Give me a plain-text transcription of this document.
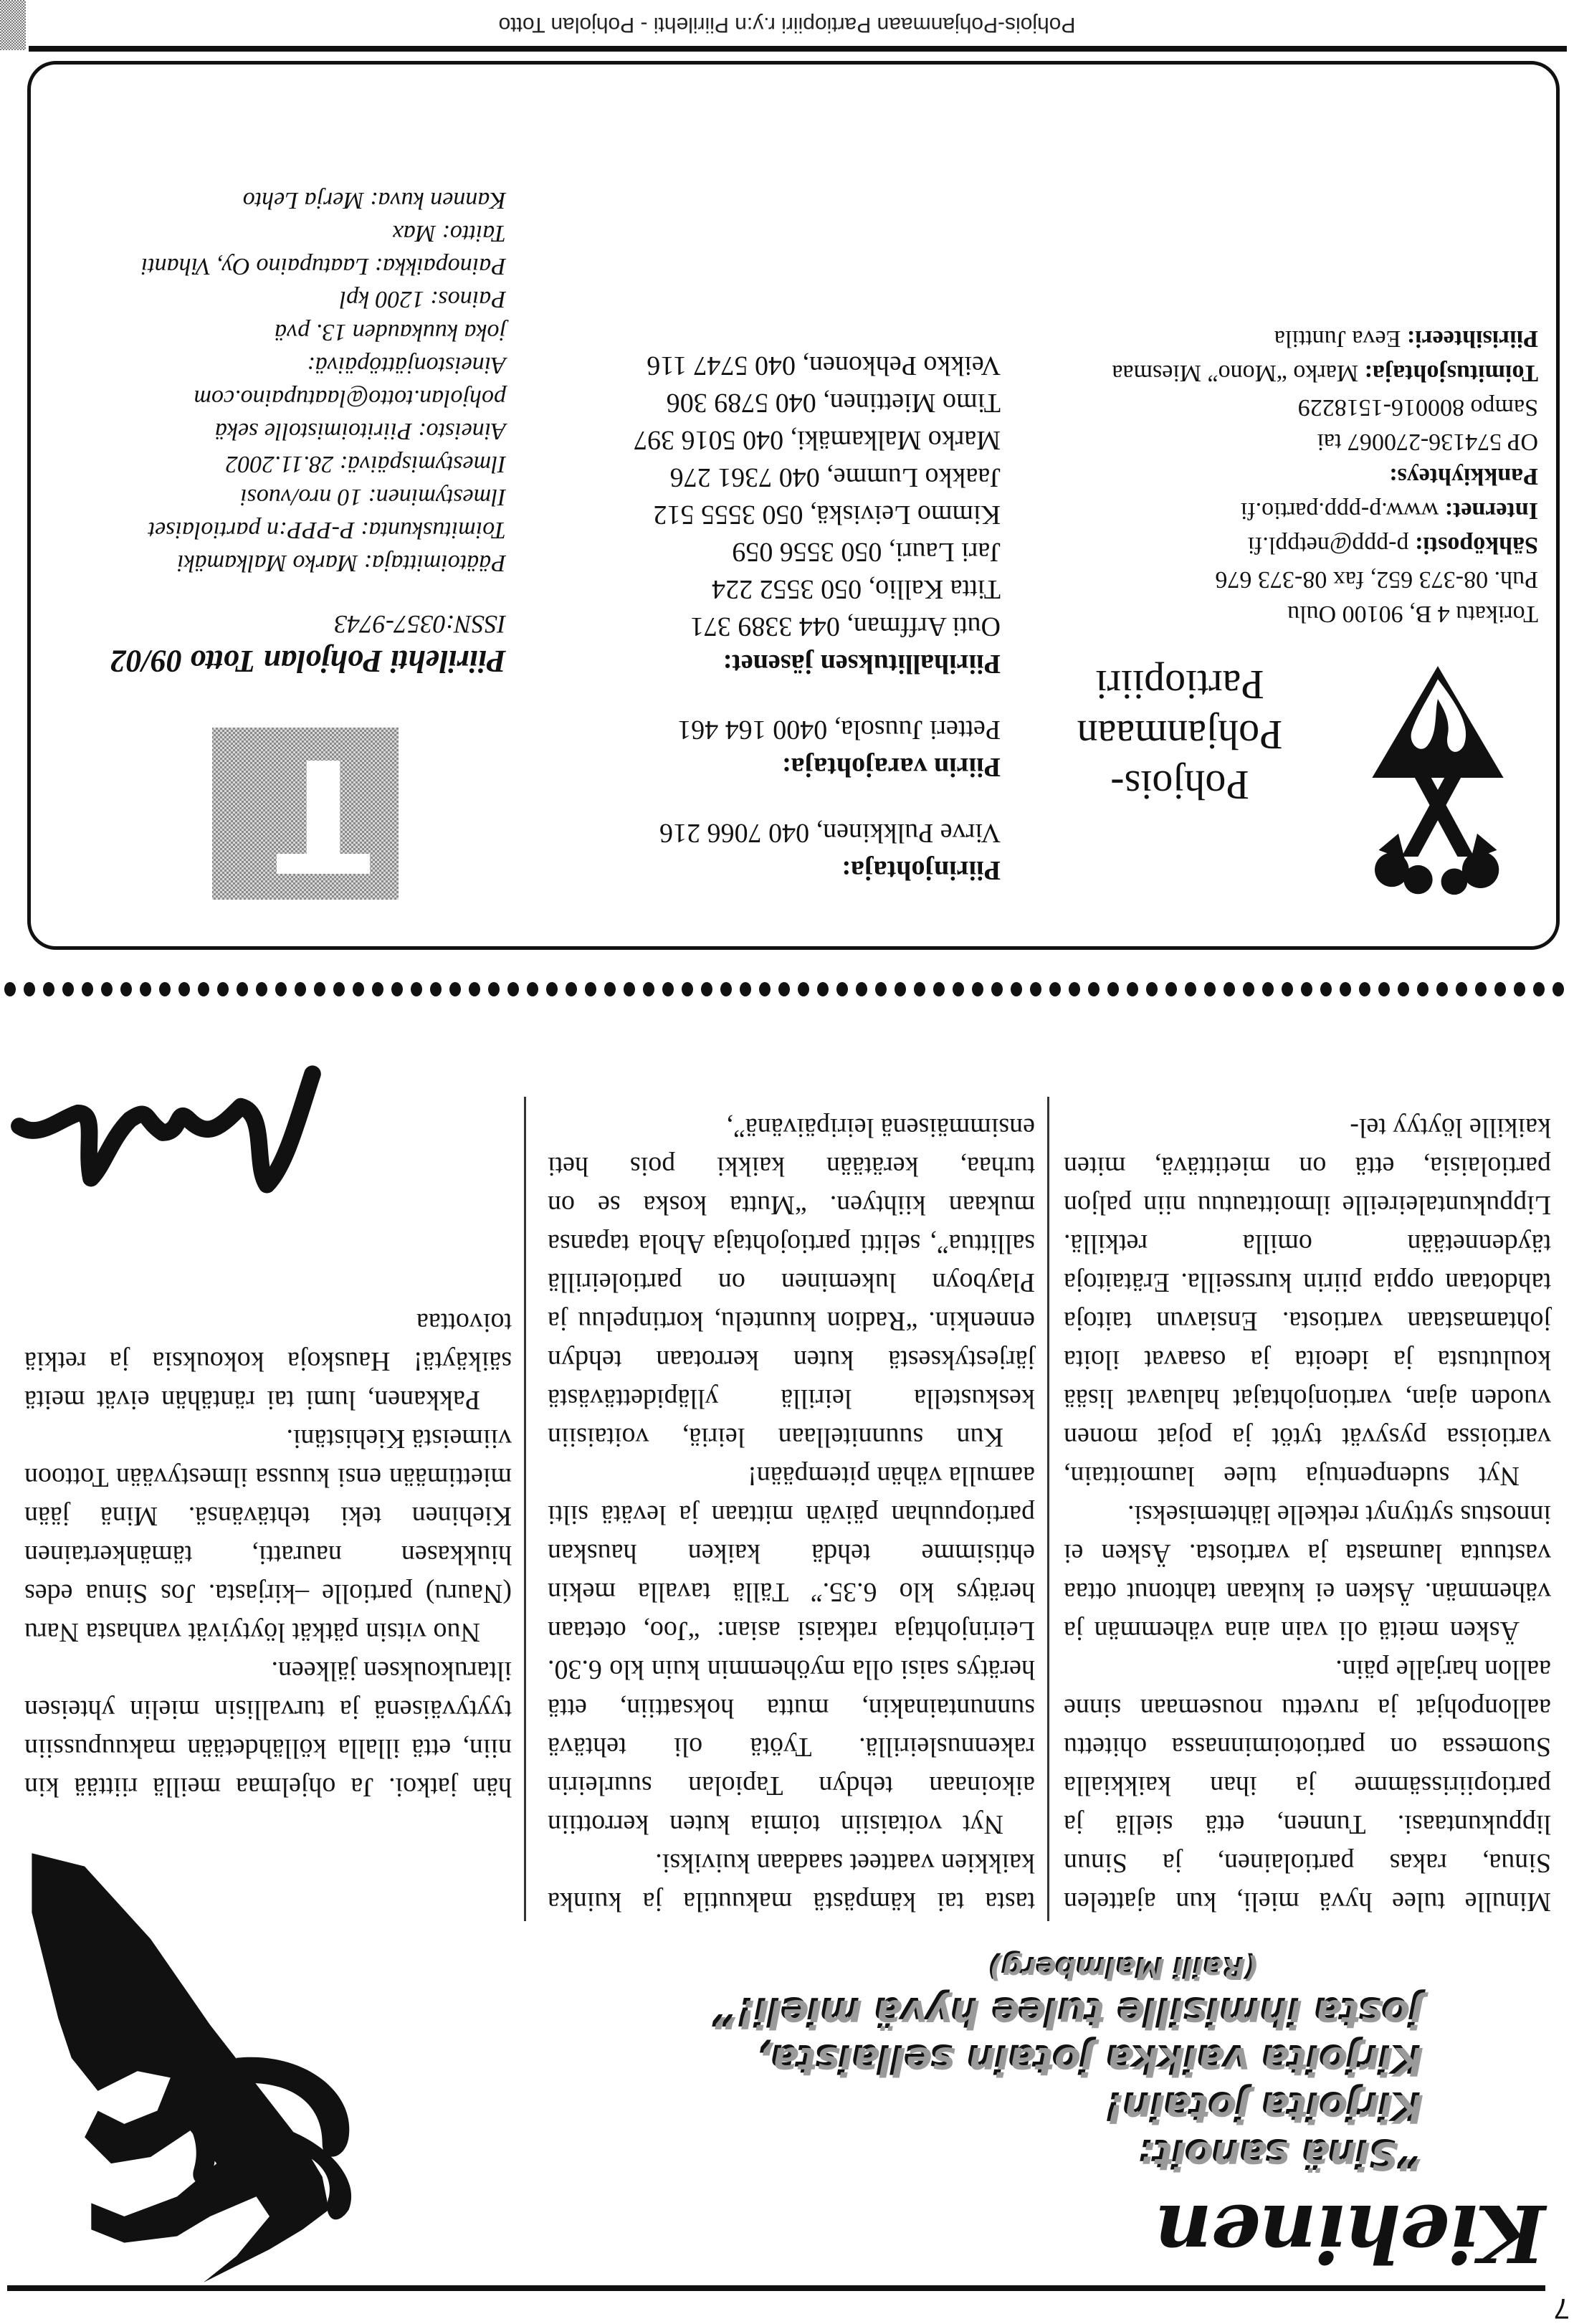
7
Kiehinen
”Sinä sanoit:
Kirjoita jotain!
Kirjoita vaikka jotain sellaista,
josta ihmisille tulee hyvä mieli!”
(Raili Malmberg)

Minulle tulee hyvä mieli, kun ajattelen Sinua, rakas partiolainen, ja Sinun lippukuntaasi. Tunnen, että siellä ja partiopiirissämme ja ihan kaikkialla Suomessa on partiotoiminnassa ohitettu aallonpohjat ja ruvettu nousemaan sinne aallon harjalle päin.

Äsken meitä oli vain aina vähemmän ja vähemmän. Äsken ei kukaan tahtonut ottaa vastuuta laumasta ja vartiosta. Äsken ei innostus syttynyt retkelle lähtemiseksi.

Nyt sudenpentuja tulee laumoittain, vartioissa pysyvät tytöt ja pojat monen vuoden ajan, vartionjohtajat haluavat lisää koulutusta ja ideoita ja osaavat iloita johtamastaan vartiosta. Ensiavun taitoja tahdotaan oppia piirin kursseilla. Erätaitoja täydennetään omilla retkillä. Lippukuntaleireille ilmoittautuu niin paljon partiolaisia, että on mietittävä, miten kaikille löytyy tel-

tasta tai kämpästä makuutila ja kuinka kaikkien vaatteet saadaan kuiviksi.

Nyt voitaisiin toimia kuten kerrottiin aikoinaan tehdyn Tapiolan suurleirin rakennusleirillä. Työtä oli tehtävä sunnuntainakin, mutta hoksattiin, että herätys saisi olla myöhemmin kuin klo 6.30. Leirinjohtaja ratkaisi asian: “Joo, otetaan herätys klo 6.35.” Tällä tavalla mekin ehtisimme tehdä kaiken hauskan partiopuuhan päivän mittaan ja levätä silti aamulla vähän pitempään!

Kun suunnitellaan leiriä, voitaisiin keskustella leirillä ylläpidettävästä järjestyksestä kuten kerrotaan tehdyn ennenkin. “Radion kuuntelu, kortinpeluu ja Playboyn lukeminen on partioleirillä sallittua”, selitti partiojohtaja Ahola tapansa mukaan kiihtyen. “Mutta koska se on turhaa, kerätään kaikki pois heti ensimmäisenä leiripäivänä”,

hän jatkoi. Ja ohjelmaa meillä riittää kin niin, että illalla köllähdetään makuupussiin tyytyväisenä ja turvallisin mielin yhteisen iltarukouksen jälkeen.

Nuo vitsin pätkät löytyivät vanhasta Naru (Nauru) partiolle –kirjasta. Jos Sinua edes hiukkasen nauratti, tämänkertainen Kiehinen teki tehtävänsä. Minä jään miettimään ensi kuussa ilmestyvään Tottoon viimeistä Kiehistäni.

Pakkanen, lumi tai räntähän eivät meitä säikäytä! Hauskoja kokouksia ja retkiä toivottaa

Pohjois-Pohjanmaan
Partiopiiri
Torikatu 4 B, 90100 Oulu
Puh. 08-373 652, fax 08-373 676
Sähköposti: p-ppp@netppl.fi
Internet: www.p-ppp.partio.fi
Pankkiyhteys:
OP 574136-270067 tai
Sampo 800016-1518229
Toimitusjohtaja: Marko “Mono” Miesmaa
Piirisihteeri: Eeva Junttila
Piirinjohtaja:
Virve Pulkkinen, 040 7066 216
Piirin varajohtaja:
Petteri Juusola, 0400 164 461
Piirihallituksen jäsenet:
Outi Arffman, 044 3389 371
Titta Kallio, 050 3552 224
Jari Lauri, 050 3556 059
Kimmo Leiviskä, 050 3555 512
Jaakko Lumme, 040 7361 276
Marko Malkamäki, 040 5016 397
Timo Miettinen, 040 5789 306
Veikko Pehkonen, 040 5747 116
Piirilehti Pohjolan Totto 09/02
ISSN:0357-9743
Päätoimittaja: Marko Malkamäki
Toimituskunta: P-PPP:n partiolaiset
Ilmestyminen: 10 nro/vuosi
Ilmestymispäivä: 28.11.2002
Aineisto: Piiritoimistolle sekä
pohjolan.totto@laatupaino.com
Aineistonjättöpäivä:
joka kuukauden 13. pvä
Painos: 1200 kpl
Painopaikka: Laatupaino Oy, Vihanti
Taitto: Max
Kannen kuva: Merja Lehto
Pohjois-Pohjanmaan Partiopiiri r.y:n Piirilehti - Pohjolan Totto
